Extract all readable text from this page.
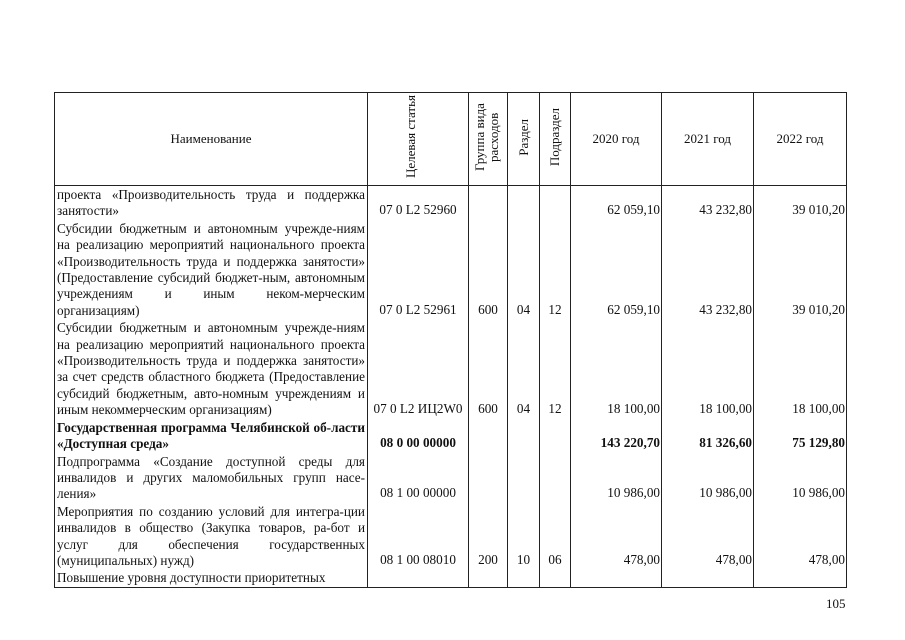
Наименование	Целевая статья	Группа вида расходов	Раздел	Подраздел	2020 год	2021 год	2022 год
проекта «Производительность труда и поддержка занятости»	07 0 L2 52960				62 059,10	43 232,80	39 010,20
Субсидии бюджетным и автономным учрежде-ниям на реализацию мероприятий национального проекта «Производительность труда и поддержка занятости» (Предоставление субсидий бюджет-ным, автономным учреждениям и иным неком-мерческим организациям)	07 0 L2 52961	600	04	12	62 059,10	43 232,80	39 010,20
Субсидии бюджетным и автономным учрежде-ниям на реализацию мероприятий национального проекта «Производительность труда и поддержка занятости» за счет средств областного бюджета (Предоставление субсидий бюджетным, авто-номным учреждениям и иным некоммерческим организациям)	07 0 L2 ИЦ2W0	600	04	12	18 100,00	18 100,00	18 100,00
Государственная программа Челябинской об-ласти «Доступная среда»	08 0 00 00000				143 220,70	81 326,60	75 129,80
Подпрограмма «Создание доступной среды для инвалидов и других маломобильных групп насе-ления»	08 1 00 00000				10 986,00	10 986,00	10 986,00
Мероприятия по созданию условий для интегра-ции инвалидов в общество (Закупка товаров, ра-бот и услуг для обеспечения государственных (муниципальных) нужд)	08 1 00 08010	200	10	06	478,00	478,00	478,00
Повышение уровня доступности приоритетных							
105
